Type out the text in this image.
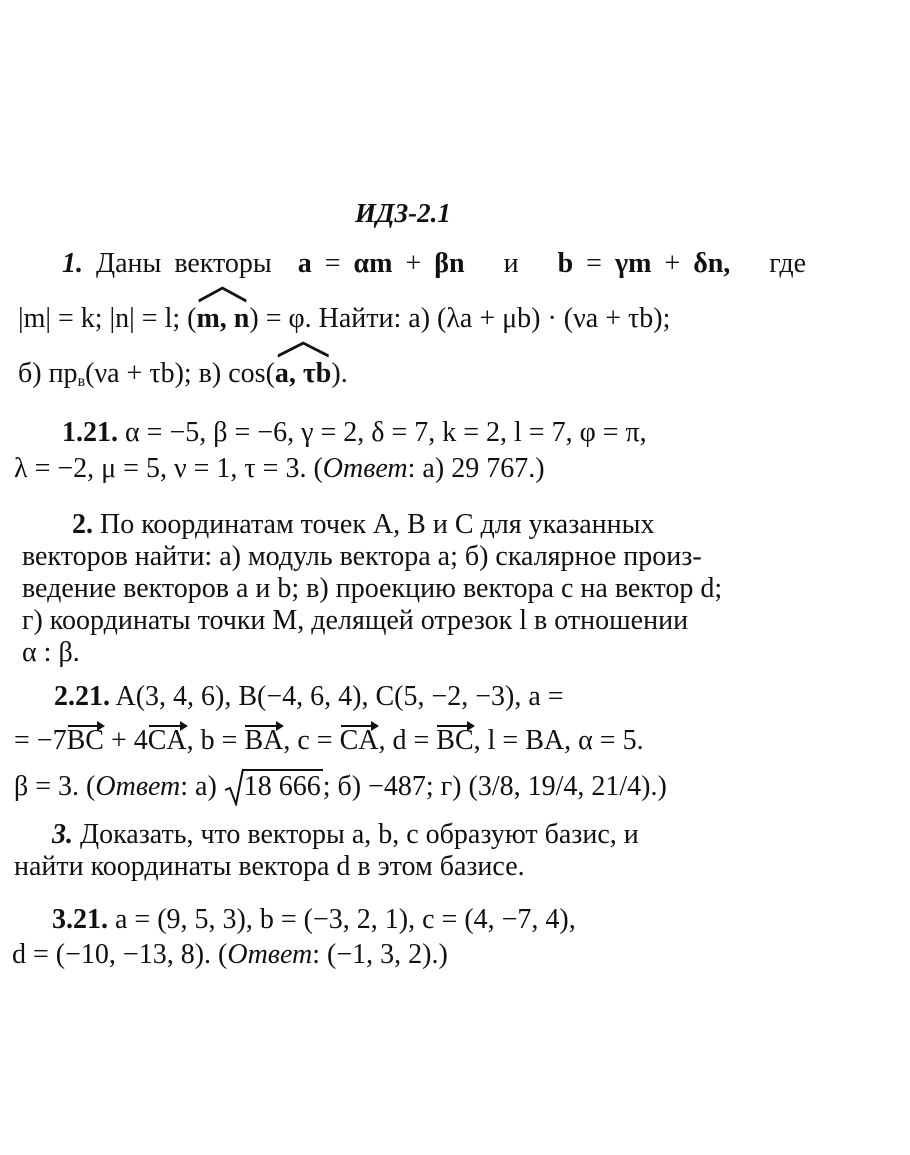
ИДЗ-2.1
1. Даны векторы a = αm + βn и b = γm + δn, где
|m| = k; |n| = l; (
m, n) = φ. Найти: а) (λa + μb) · (νa + τb);
б) $пр_в(\nu a + \tau b)$; в) cos(
a, τb).
1.21. α = −5, β = −6, γ = 2, δ = 7, k = 2, l = 7, φ = π,
λ = −2, μ = 5, ν = 1, τ = 3. (Ответ: а) 29 767.)
2. По координатам точек A, B и C для указанных
векторов найти: а) модуль вектора a; б) скалярное произ-
ведение векторов a и b; в) проекцию вектора c на вектор d;
г) координаты точки M, делящей отрезок l в отношении
α : β.
2.21. A(3, 4, 6), B(−4, 6, 4), C(5, −2, −3), a =
= −7BC + 4CA, b = BA, c = CA, d = BC, l = BA, α = 5.
β = 3. (Ответ: а)
18 666; б) −487; г) (3/8, 19/4, 21/4).)
3. Доказать, что векторы a, b, c образуют базис, и
найти координаты вектора d в этом базисе.
3.21. a = (9, 5, 3), b = (−3, 2, 1), c = (4, −7, 4),
d = (−10, −13, 8). (Ответ: (−1, 3, 2).)
